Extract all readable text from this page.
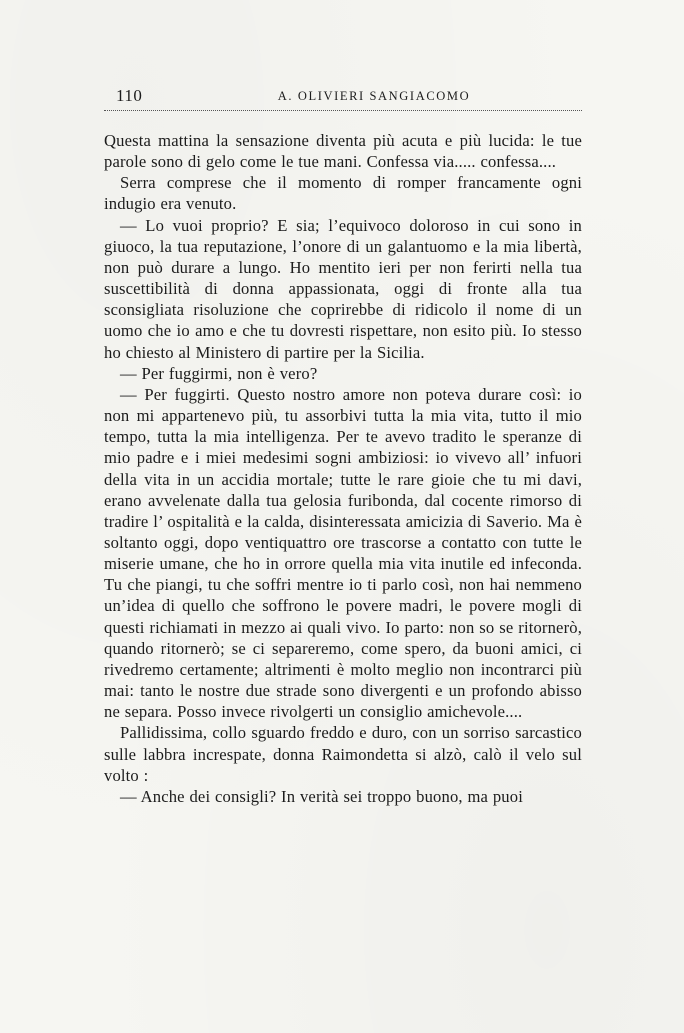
110	A. OLIVIERI SANGIACOMO

Questa mattina la sensazione diventa più acuta e più lucida: le tue parole sono di gelo come le tue mani. Confessa via..... confessa....

Serra comprese che il momento di romper francamente ogni indugio era venuto.

— Lo vuoi proprio? E sia; l’equivoco doloroso in cui sono in giuoco, la tua reputazione, l’onore di un galantuomo e la mia libertà, non può durare a lungo. Ho mentito ieri per non ferirti nella tua suscettibilità di donna appassionata, oggi di fronte alla tua sconsigliata risoluzione che coprirebbe di ridicolo il nome di un uomo che io amo e che tu dovresti rispettare, non esito più. Io stesso ho chiesto al Ministero di partire per la Sicilia.

— Per fuggirmi, non è vero?

— Per fuggirti. Questo nostro amore non poteva durare così: io non mi appartenevo più, tu assorbivi tutta la mia vita, tutto il mio tempo, tutta la mia intelligenza. Per te avevo tradito le speranze di mio padre e i miei medesimi sogni ambiziosi: io vivevo all’ infuori della vita in un accidia mortale; tutte le rare gioie che tu mi davi, erano avvelenate dalla tua gelosia furibonda, dal cocente rimorso di tradire l’ ospitalità e la calda, disinteressata amicizia di Saverio. Ma è soltanto oggi, dopo ventiquattro ore trascorse a contatto con tutte le miserie umane, che ho in orrore quella mia vita inutile ed infeconda. Tu che piangi, tu che soffri mentre io ti parlo così, non hai nemmeno un’idea di quello che soffrono le povere madri, le povere mogli di questi richiamati in mezzo ai quali vivo. Io parto: non so se ritornerò, quando ritornerò; se ci separeremo, come spero, da buoni amici, ci rivedremo certamente; altrimenti è molto meglio non incontrarci più mai: tanto le nostre due strade sono divergenti e un profondo abisso ne separa. Posso invece rivolgerti un consiglio amichevole....

Pallidissima, collo sguardo freddo e duro, con un sorriso sarcastico sulle labbra increspate, donna Raimondetta si alzò, calò il velo sul volto :

— Anche dei consigli? In verità sei troppo buono, ma puoi
